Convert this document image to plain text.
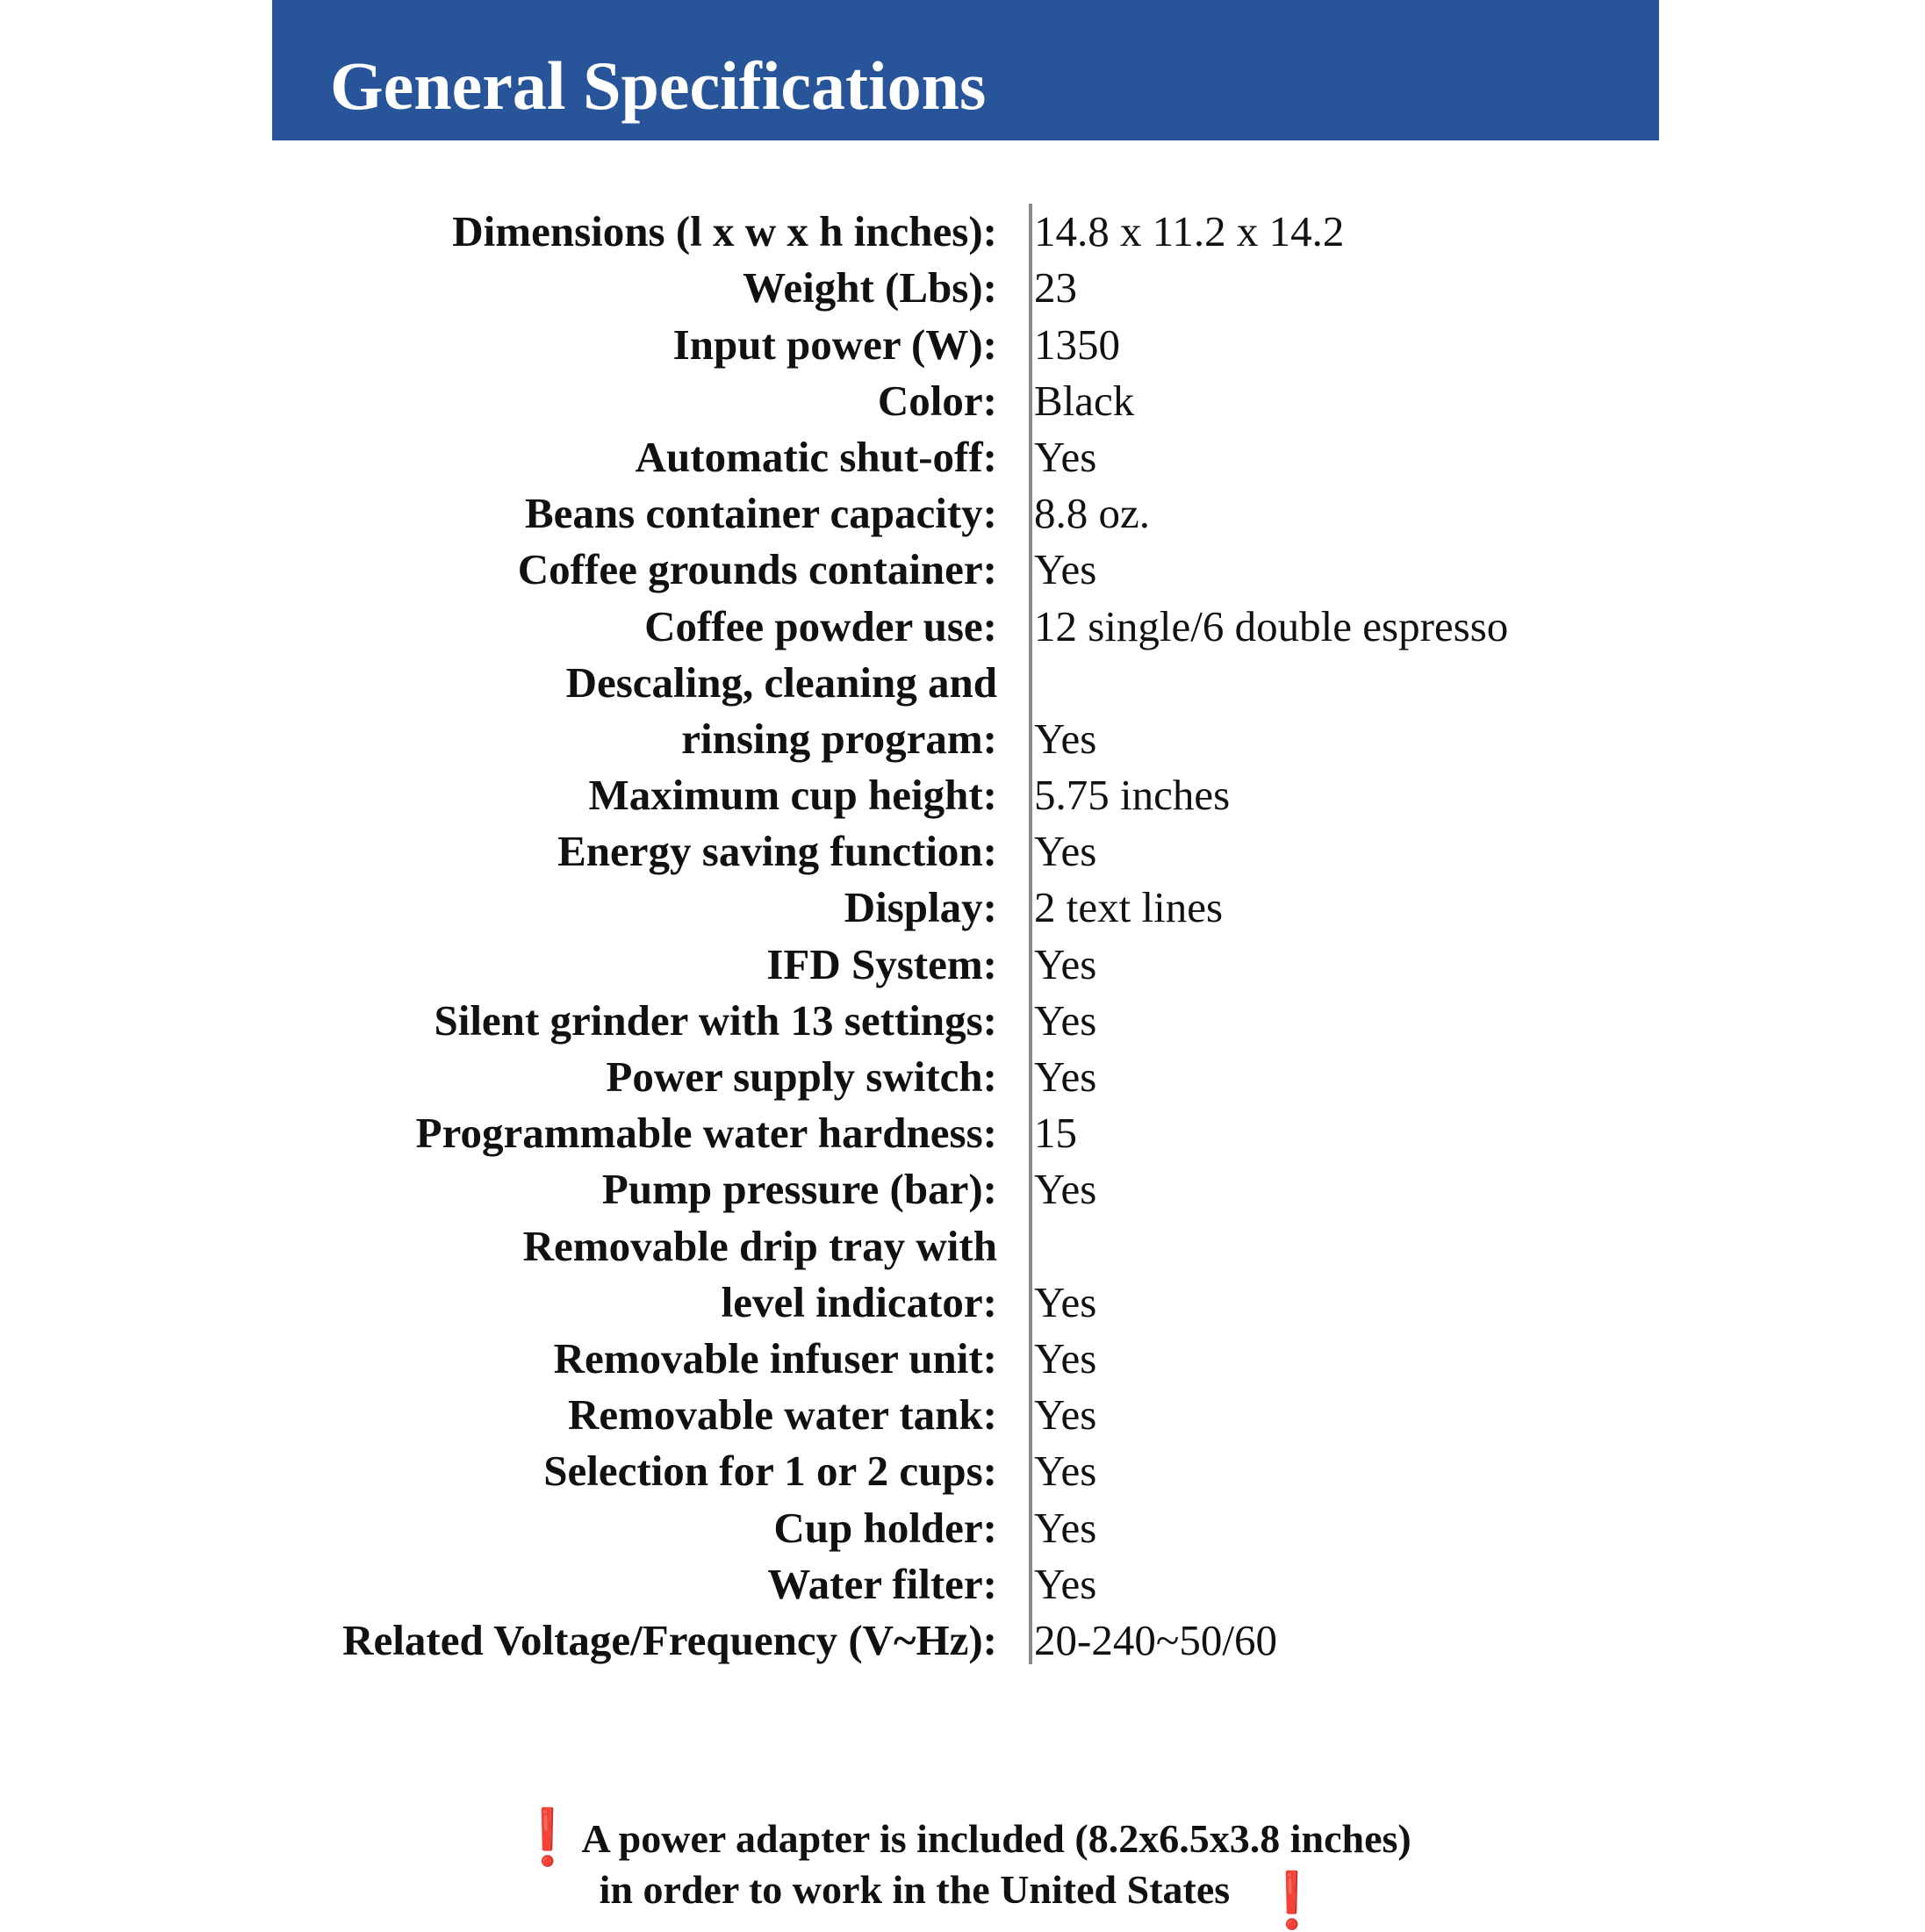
General Specifications
Dimensions (l x w x h inches): 14.8 x 11.2 x 14.2
Weight (Lbs): 23
Input power (W): 1350
Color: Black
Automatic shut-off: Yes
Beans container capacity: 8.8 oz.
Coffee grounds container: Yes
Coffee powder use: 12 single/6 double espresso
Descaling, cleaning and
rinsing program: Yes
Maximum cup height: 5.75 inches
Energy saving function: Yes
Display: 2 text lines
IFD System: Yes
Silent grinder with 13 settings: Yes
Power supply switch: Yes
Programmable water hardness: 15
Pump pressure (bar): Yes
Removable drip tray with
level indicator: Yes
Removable infuser unit: Yes
Removable water tank: Yes
Selection for 1 or 2 cups: Yes
Cup holder: Yes
Water filter: Yes
Related Voltage/Frequency (V~Hz): 20-240~50/60
❗A power adapter is included (8.2x6.5x3.8 inches)
in order to work in the United States ❗
